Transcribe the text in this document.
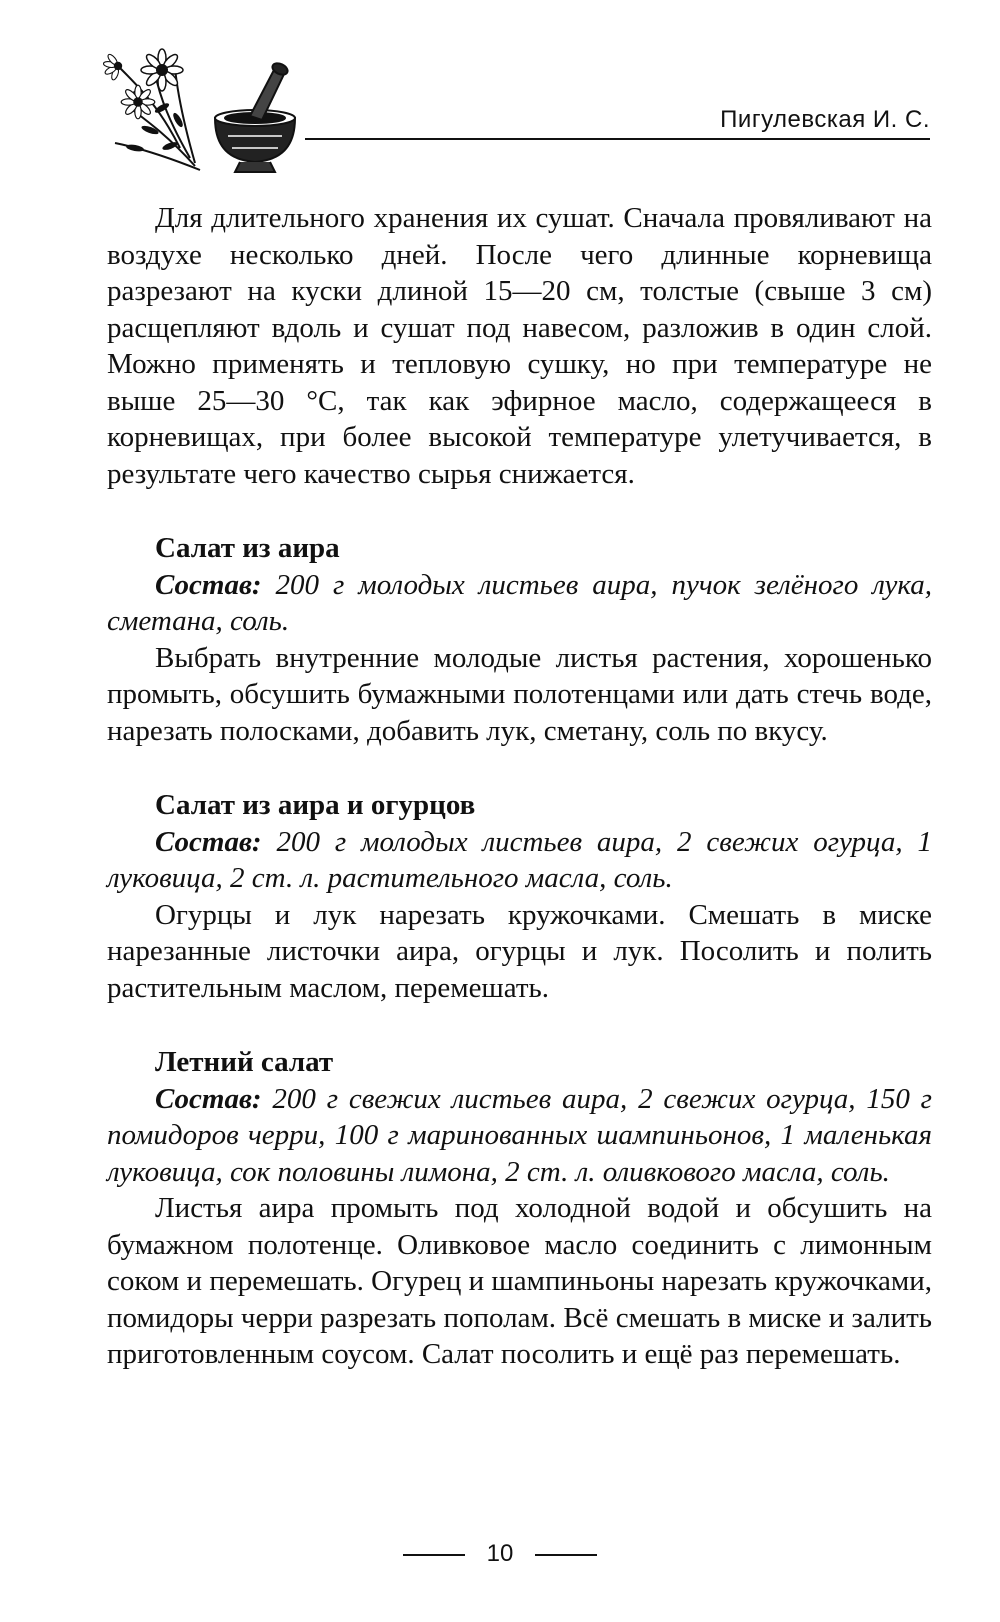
Пигулевская И. С.

Для длительного хранения их сушат. Сначала провяливают на воздухе несколько дней. После чего длинные корневища разрезают на куски длиной 15—20 см, толстые (свыше 3 см) расщепляют вдоль и сушат под навесом, разложив в один слой. Можно применять и тепловую сушку, но при температуре не выше 25—30 °С, так как эфирное масло, содержащееся в корневищах, при более высокой температуре улетучивается, в результате чего качество сырья снижается.

Салат из аира

Состав: 200 г молодых листьев аира, пучок зелёного лука, сметана, соль.

Выбрать внутренние молодые листья растения, хорошенько промыть, обсушить бумажными полотенцами или дать стечь воде, нарезать полосками, добавить лук, сметану, соль по вкусу.

Салат из аира и огурцов

Состав: 200 г молодых листьев аира, 2 свежих огурца, 1 луковица, 2 ст. л. растительного масла, соль.

Огурцы и лук нарезать кружочками. Смешать в миске нарезанные листочки аира, огурцы и лук. Посолить и полить растительным маслом, перемешать.

Летний салат

Состав: 200 г свежих листьев аира, 2 свежих огурца, 150 г помидоров черри, 100 г маринованных шампиньонов, 1 маленькая луковица, сок половины лимона, 2 ст. л. оливкового масла, соль.

Листья аира промыть под холодной водой и обсушить на бумажном полотенце. Оливковое масло соединить с лимонным соком и перемешать. Огурец и шампиньоны нарезать кружочками, помидоры черри разрезать пополам. Всё смешать в миске и залить приготовленным соусом. Салат посолить и ещё раз перемешать.

10
